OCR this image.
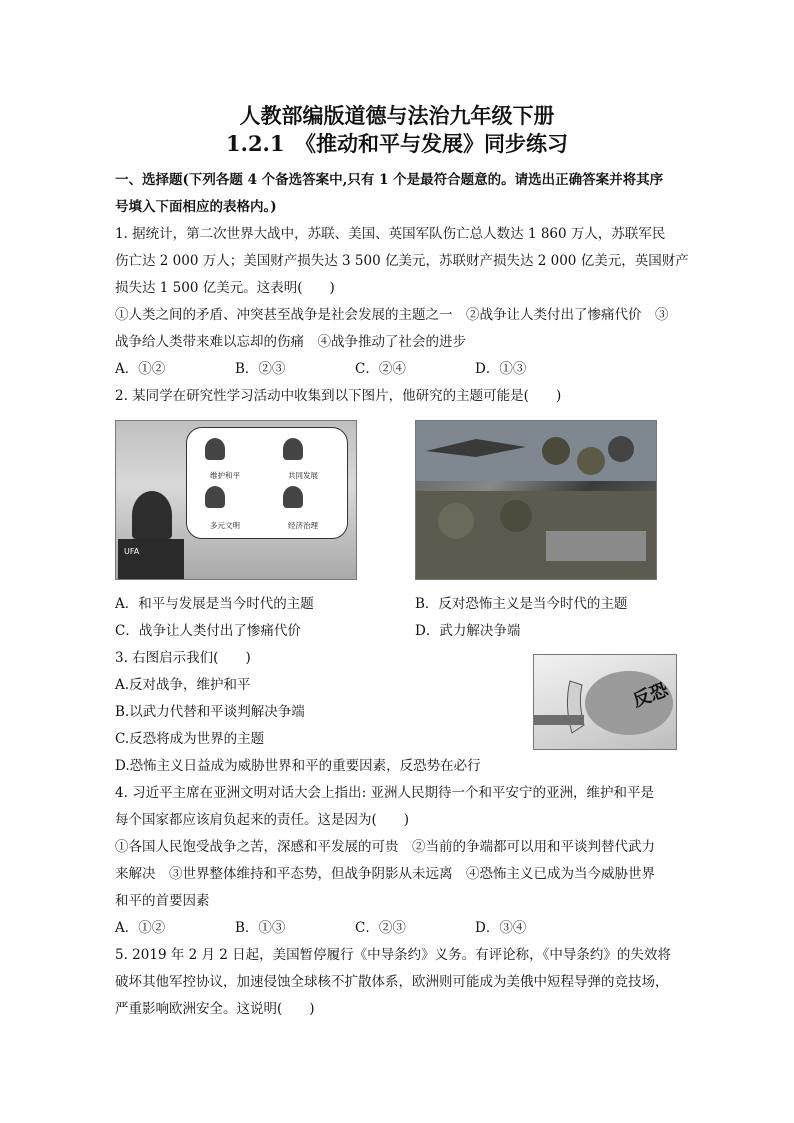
人教部编版道德与法治九年级下册
1.2.1　《推动和平与发展》同步练习
一、选择题(下列各题 4 个备选答案中,只有 1 个是最符合题意的。请选出正确答案并将其序
号填入下面相应的表格内。)
1. 据统计，第二次世界大战中，苏联、美国、英国军队伤亡总人数达 1 860 万人，苏联军民
伤亡达 2 000 万人；美国财产损失达 3 500 亿美元，苏联财产损失达 2 000 亿美元，英国财产
损失达 1 500 亿美元。这表明(　　)
①人类之间的矛盾、冲突甚至战争是社会发展的主题之一　②战争让人类付出了惨痛代价　③
战争给人类带来难以忘却的伤痛　④战争推动了社会的进步
A．①②	B．②③	C．②④	D．①③
2. 某同学在研究性学习活动中收集到以下图片，他研究的主题可能是(　　)
维护和平	共同发展
多元文明	经济治理
UFA
A．和平与发展是当今时代的主题	B．反对恐怖主义是当今时代的主题
C．战争让人类付出了惨痛代价	D．武力解决争端
3. 右图启示我们(　　)
A.反对战争，维护和平
B.以武力代替和平谈判解决争端
C.反恐将成为世界的主题
D.恐怖主义日益成为威胁世界和平的重要因素，反恐势在必行
反恐
4. 习近平主席在亚洲文明对话大会上指出: 亚洲人民期待一个和平安宁的亚洲，维护和平是
每个国家都应该肩负起来的责任。这是因为(　　)
①各国人民饱受战争之苦，深感和平发展的可贵　②当前的争端都可以用和平谈判替代武力
来解决　③世界整体维持和平态势，但战争阴影从未远离　④恐怖主义已成为当今威胁世界
和平的首要因素
A．①②	B．①③	C．②③	D．③④
5. 2019 年 2 月 2 日起，美国暂停履行《中导条约》义务。有评论称，《中导条约》的失效将
破坏其他军控协议，加速侵蚀全球核不扩散体系，欧洲则可能成为美俄中短程导弹的竞技场，
严重影响欧洲安全。这说明(　　)
